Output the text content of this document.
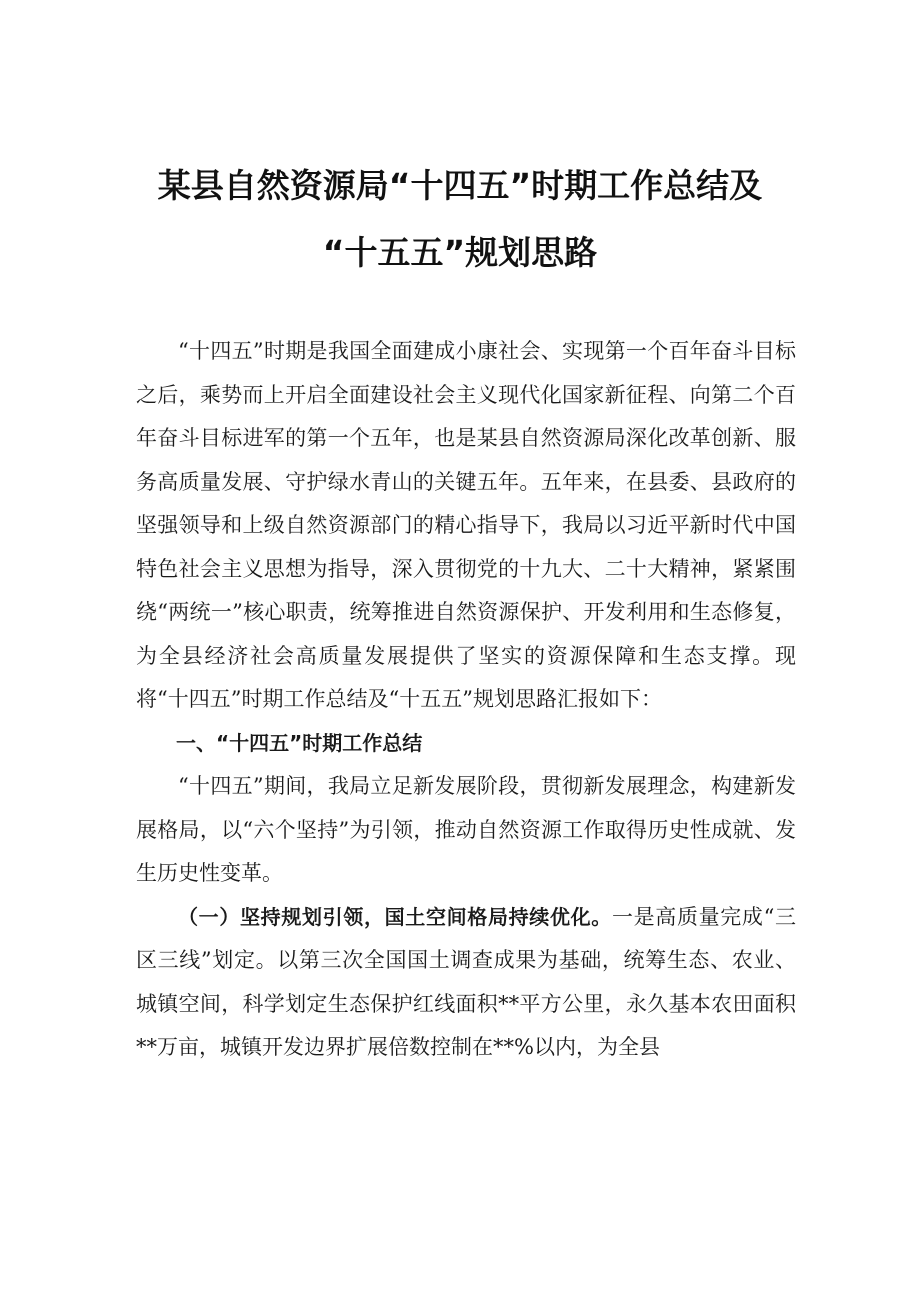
某县自然资源局“十四五”时期工作总结及
“十五五”规划思路

“十四五”时期是我国全面建成小康社会、实现第一个百年奋斗目标之后，乘势而上开启全面建设社会主义现代化国家新征程、向第二个百年奋斗目标进军的第一个五年，也是某县自然资源局深化改革创新、服务高质量发展、守护绿水青山的关键五年。五年来，在县委、县政府的坚强领导和上级自然资源部门的精心指导下，我局以习近平新时代中国特色社会主义思想为指导，深入贯彻党的十九大、二十大精神，紧紧围绕“两统一”核心职责，统筹推进自然资源保护、开发利用和生态修复，为全县经济社会高质量发展提供了坚实的资源保障和生态支撑。现将“十四五”时期工作总结及“十五五”规划思路汇报如下：

一、“十四五”时期工作总结

“十四五”期间，我局立足新发展阶段，贯彻新发展理念，构建新发展格局，以“六个坚持”为引领，推动自然资源工作取得历史性成就、发生历史性变革。

（一）坚持规划引领，国土空间格局持续优化。一是高质量完成“三区三线”划定。以第三次全国国土调查成果为基础，统筹生态、农业、城镇空间，科学划定生态保护红线面积**平方公里，永久基本农田面积**万亩，城镇开发边界扩展倍数控制在**%以内，为全县
